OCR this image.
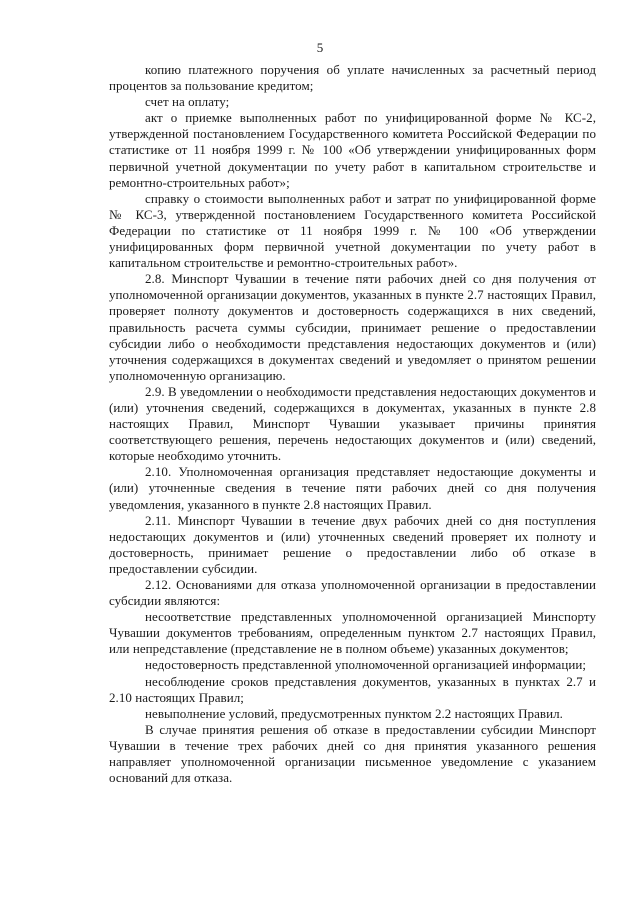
5

копию платежного поручения об уплате начисленных за расчетный период процентов за пользование кредитом;

счет на оплату;

акт о приемке выполненных работ по унифицированной форме № КС-2, утвержденной постановлением Государственного комитета Российской Федерации по статистике от 11 ноября 1999 г. № 100 «Об утверждении унифицированных форм первичной учетной документации по учету работ в капитальном строительстве и ремонтно-строительных работ»;

справку о стоимости выполненных работ и затрат по унифицированной форме № КС-3, утвержденной постановлением Государственного комитета Российской Федерации по статистике от 11 ноября 1999 г. № 100 «Об утверждении унифицированных форм первичной учетной документации по учету работ в капитальном строительстве и ремонтно-строительных работ».

2.8. Минспорт Чувашии в течение пяти рабочих дней со дня получения от уполномоченной организации документов, указанных в пункте 2.7 настоящих Правил, проверяет полноту документов и достоверность содержащихся в них сведений, правильность расчета суммы субсидии, принимает решение о предоставлении субсидии либо о необходимости представления недостающих документов и (или) уточнения содержащихся в документах сведений и уведомляет о принятом решении уполномоченную организацию.

2.9. В уведомлении о необходимости представления недостающих документов и (или) уточнения сведений, содержащихся в документах, указанных в пункте 2.8 настоящих Правил, Минспорт Чувашии указывает причины принятия соответствующего решения, перечень недостающих документов и (или) сведений, которые необходимо уточнить.

2.10. Уполномоченная организация представляет недостающие документы и (или) уточненные сведения в течение пяти рабочих дней со дня получения уведомления, указанного в пункте 2.8 настоящих Правил.

2.11. Минспорт Чувашии в течение двух рабочих дней со дня поступления недостающих документов и (или) уточненных сведений проверяет их полноту и достоверность, принимает решение о предоставлении либо об отказе в предоставлении субсидии.

2.12. Основаниями для отказа уполномоченной организации в предоставлении субсидии являются:

несоответствие представленных уполномоченной организацией Минспорту Чувашии документов требованиям, определенным пунктом 2.7 настоящих Правил, или непредставление (представление не в полном объеме) указанных документов;

недостоверность представленной уполномоченной организацией информации;

несоблюдение сроков представления документов, указанных в пунктах 2.7 и 2.10 настоящих Правил;

невыполнение условий, предусмотренных пунктом 2.2 настоящих Правил.

В случае принятия решения об отказе в предоставлении субсидии Минспорт Чувашии в течение трех рабочих дней со дня принятия указанного решения направляет уполномоченной организации письменное уведомление с указанием оснований для отказа.
